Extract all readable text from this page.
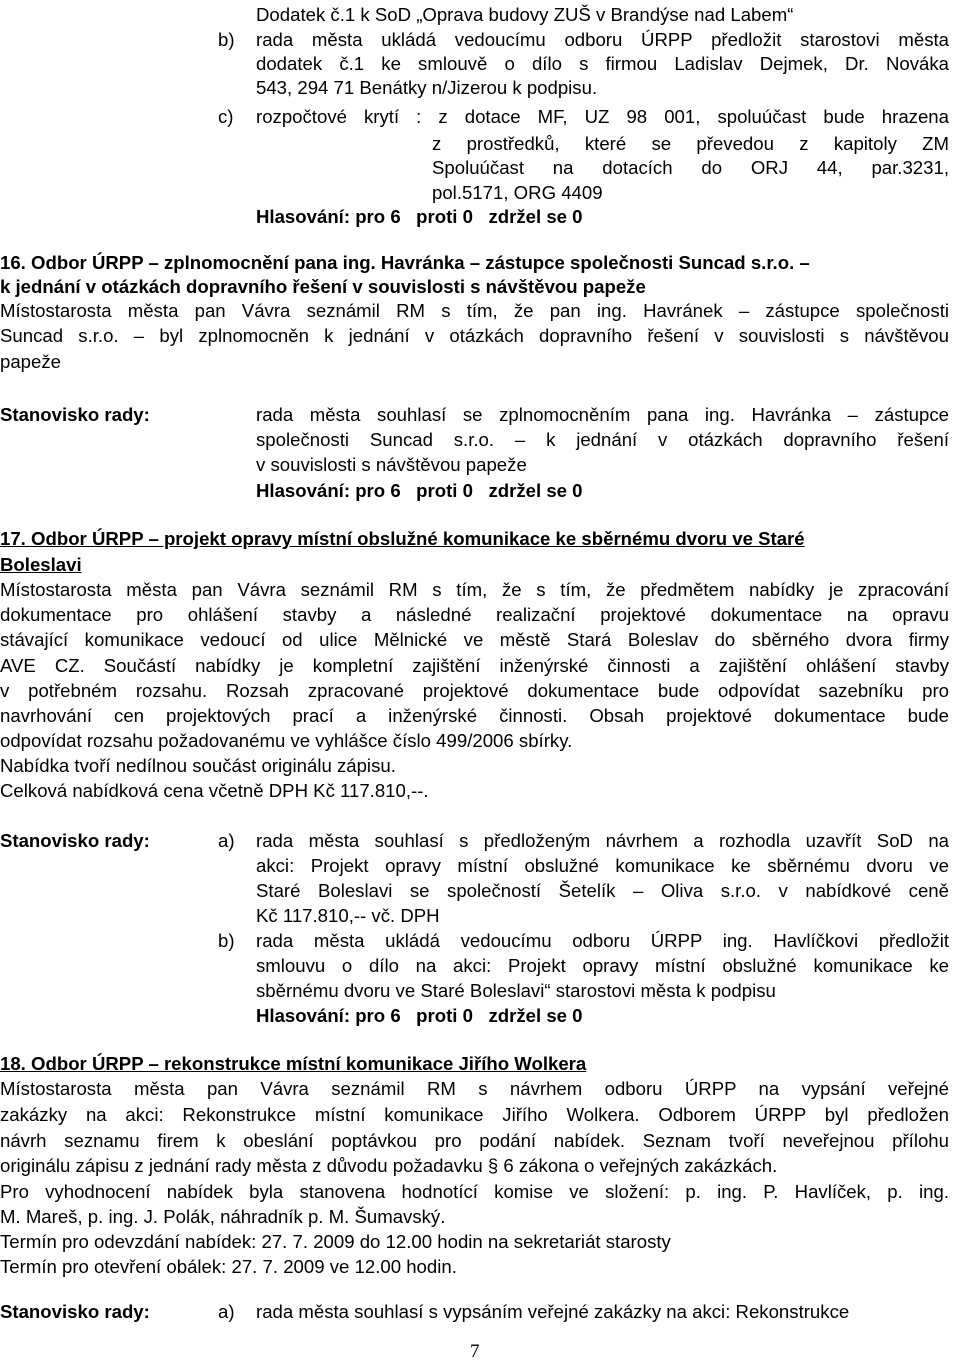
Dodatek č.1 k SoD „Oprava budovy ZUŠ v Brandýse nad Labem“
b) rada města ukládá vedoucímu odboru ÚRPP předložit starostovi města
dodatek č.1 ke smlouvě o dílo s firmou Ladislav Dejmek, Dr. Nováka
543, 294 71 Benátky n/Jizerou k podpisu.
c) rozpočtové krytí : z dotace MF, UZ 98 001, spoluúčast bude hrazena
z prostředků, které se převedou z kapitoly ZM
Spoluúčast na dotacích do ORJ 44, par.3231,
pol.5171, ORG 4409
Hlasování: pro 6   proti 0   zdržel se 0
16. Odbor ÚRPP – zplnomocnění pana ing. Havránka – zástupce společnosti Suncad s.r.o. –
k jednání v otázkách dopravního řešení v souvislosti s návštěvou papeže
Místostarosta města pan Vávra seznámil RM s tím, že pan ing. Havránek – zástupce společnosti
Suncad s.r.o. – byl zplnomocněn k jednání v otázkách dopravního řešení v souvislosti s návštěvou
papeže
Stanovisko rady:	rada města souhlasí se zplnomocněním pana ing. Havránka – zástupce
společnosti Suncad s.r.o. – k jednání v otázkách dopravního řešení
v souvislosti s návštěvou papeže
Hlasování: pro 6   proti 0   zdržel se 0
17. Odbor ÚRPP – projekt opravy místní obslužné komunikace ke sběrnému dvoru ve Staré
Boleslavi
Místostarosta města pan Vávra seznámil RM s tím, že s tím, že předmětem nabídky je zpracování
dokumentace pro ohlášení stavby a následné realizační projektové dokumentace na opravu
stávající komunikace vedoucí od ulice Mělnické ve městě Stará Boleslav do sběrného dvora firmy
AVE CZ. Součástí nabídky je kompletní zajištění inženýrské činnosti a zajištění ohlášení stavby
v potřebném rozsahu. Rozsah zpracované projektové dokumentace bude odpovídat sazebníku pro
navrhování cen projektových prací a inženýrské činnosti. Obsah projektové dokumentace bude
odpovídat rozsahu požadovanému ve vyhlášce číslo 499/2006 sbírky.
Nabídka tvoří nedílnou součást originálu zápisu.
Celková nabídková cena včetně DPH Kč 117.810,--.
Stanovisko rady:	a) rada města souhlasí s předloženým návrhem a rozhodla uzavřít SoD na
akci: Projekt opravy místní obslužné komunikace ke sběrnému dvoru ve
Staré Boleslavi se společností Šetelík – Oliva s.r.o. v nabídkové ceně
Kč 117.810,-- vč. DPH
b) rada města ukládá vedoucímu odboru ÚRPP ing. Havlíčkovi předložit
smlouvu o dílo na akci: Projekt opravy místní obslužné komunikace ke
sběrnému dvoru ve Staré Boleslavi“ starostovi města k podpisu
Hlasování: pro 6   proti 0   zdržel se 0
18. Odbor ÚRPP – rekonstrukce místní komunikace Jiřího Wolkera
Místostarosta města pan Vávra seznámil RM s návrhem odboru ÚRPP na vypsání veřejné
zakázky na akci: Rekonstrukce místní komunikace Jiřího Wolkera. Odborem ÚRPP byl předložen
návrh seznamu firem k obeslání poptávkou pro podání nabídek. Seznam tvoří neveřejnou přílohu
originálu zápisu z jednání rady města z důvodu požadavku § 6 zákona o veřejných zakázkách.
Pro vyhodnocení nabídek byla stanovena hodnotící komise ve složení: p. ing. P. Havlíček, p. ing.
M. Mareš, p. ing. J. Polák, náhradník p. M. Šumavský.
Termín pro odevzdání nabídek: 27. 7. 2009 do 12.00 hodin na sekretariát starosty
Termín pro otevření obálek: 27. 7. 2009 ve 12.00 hodin.
Stanovisko rady:	a) rada města souhlasí s vypsáním veřejné zakázky na akci: Rekonstrukce
7
